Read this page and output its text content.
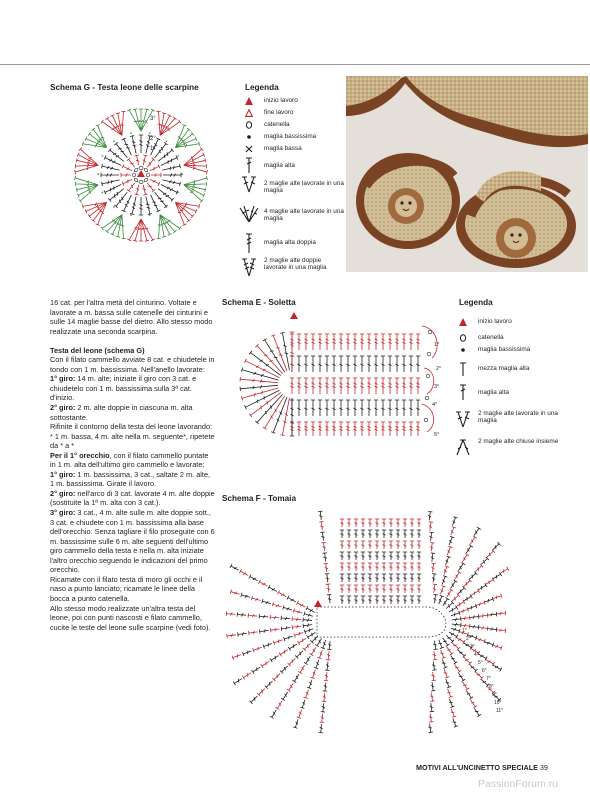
Schema G - Testa leone delle scarpine
3°
2°
1°
Legenda
inizio lavoro
fine lavoro
catenella
maglia bassissima
maglia bassa
maglia alta
2 maglie alte lavorate in una maglia
4 maglie alte lavorate in una maglia
maglia alta doppia
2 maglie alte doppie lavorate in una maglia

16 cat. per l'altra metà del cinturino. Voltate e lavorate a m. bassa sulle catenelle dei cinturini e sulle 14 maglie basse del dietro. Allo stesso modo realizzate una seconda scarpina.

Testa del leone (schema G)

Con il filato cammello avviate 8 cat. e chiudetele in tondo con 1 m. bassissima. Nell'anello lavorate:

1° giro: 14 m. alte; iniziate il giro con 3 cat. e chiudetelo con 1 m. bassissima sulla 3ª cat. d'inizio.

2° giro: 2 m. alte doppie in ciascuna m. alta sottostante.

Rifinite il contorno della testa del leone lavorando: * 1 m. bassa, 4 m. alte nella m. seguente*, ripetete da * a *

Per il 1° orecchio, con il filato cammello puntate in 1 m. alta dell'ultimo giro cammello e lavorate:

1° giro: 1 m. bassissima, 3 cat., saltate 2 m. alte, 1 m. bassissima. Girate il lavoro.

2° giro: nell'arco di 3 cat. lavorate 4 m. alte doppie (sostituite la 1ª m. alta con 3 cat.).

3° giro: 3 cat., 4 m. alte sulle m. alte doppie sott., 3 cat. e chiudete con 1 m. bassissima alla base dell'orecchio. Senza tagliare il filo proseguite con 6 m. bassissime sulle 6 m. alte seguenti dell'ultimo giro cammello della testa e nella m. alta iniziate l'altro orecchio seguendo le indicazioni del primo orecchio.

Ricamate con il filato testa di moro gli occhi e il naso a punto lanciato; ricamate le linee della bocca a punto catenella.

Allo stesso modo realizzate un'altra testa del leone, poi con punti nascosti e filato cammello, cucite le teste del leone sulle scarpine (vedi foto).

Schema E - Soletta
1°
2°
3°
4°
5°
Legenda
inizio lavoro
catenella
maglia bassissima
mezza maglia alta
maglia alta
2 maglie alte lavorate in una maglia
2 maglie alte chiuse insieme
Schema F - Tomaia
1°
2°
3°
4°
5°
6°
7°
8°
9°
10°
11°
MOTIVI ALL'UNCINETTO SPECIALE 39
PassionForum.ru
